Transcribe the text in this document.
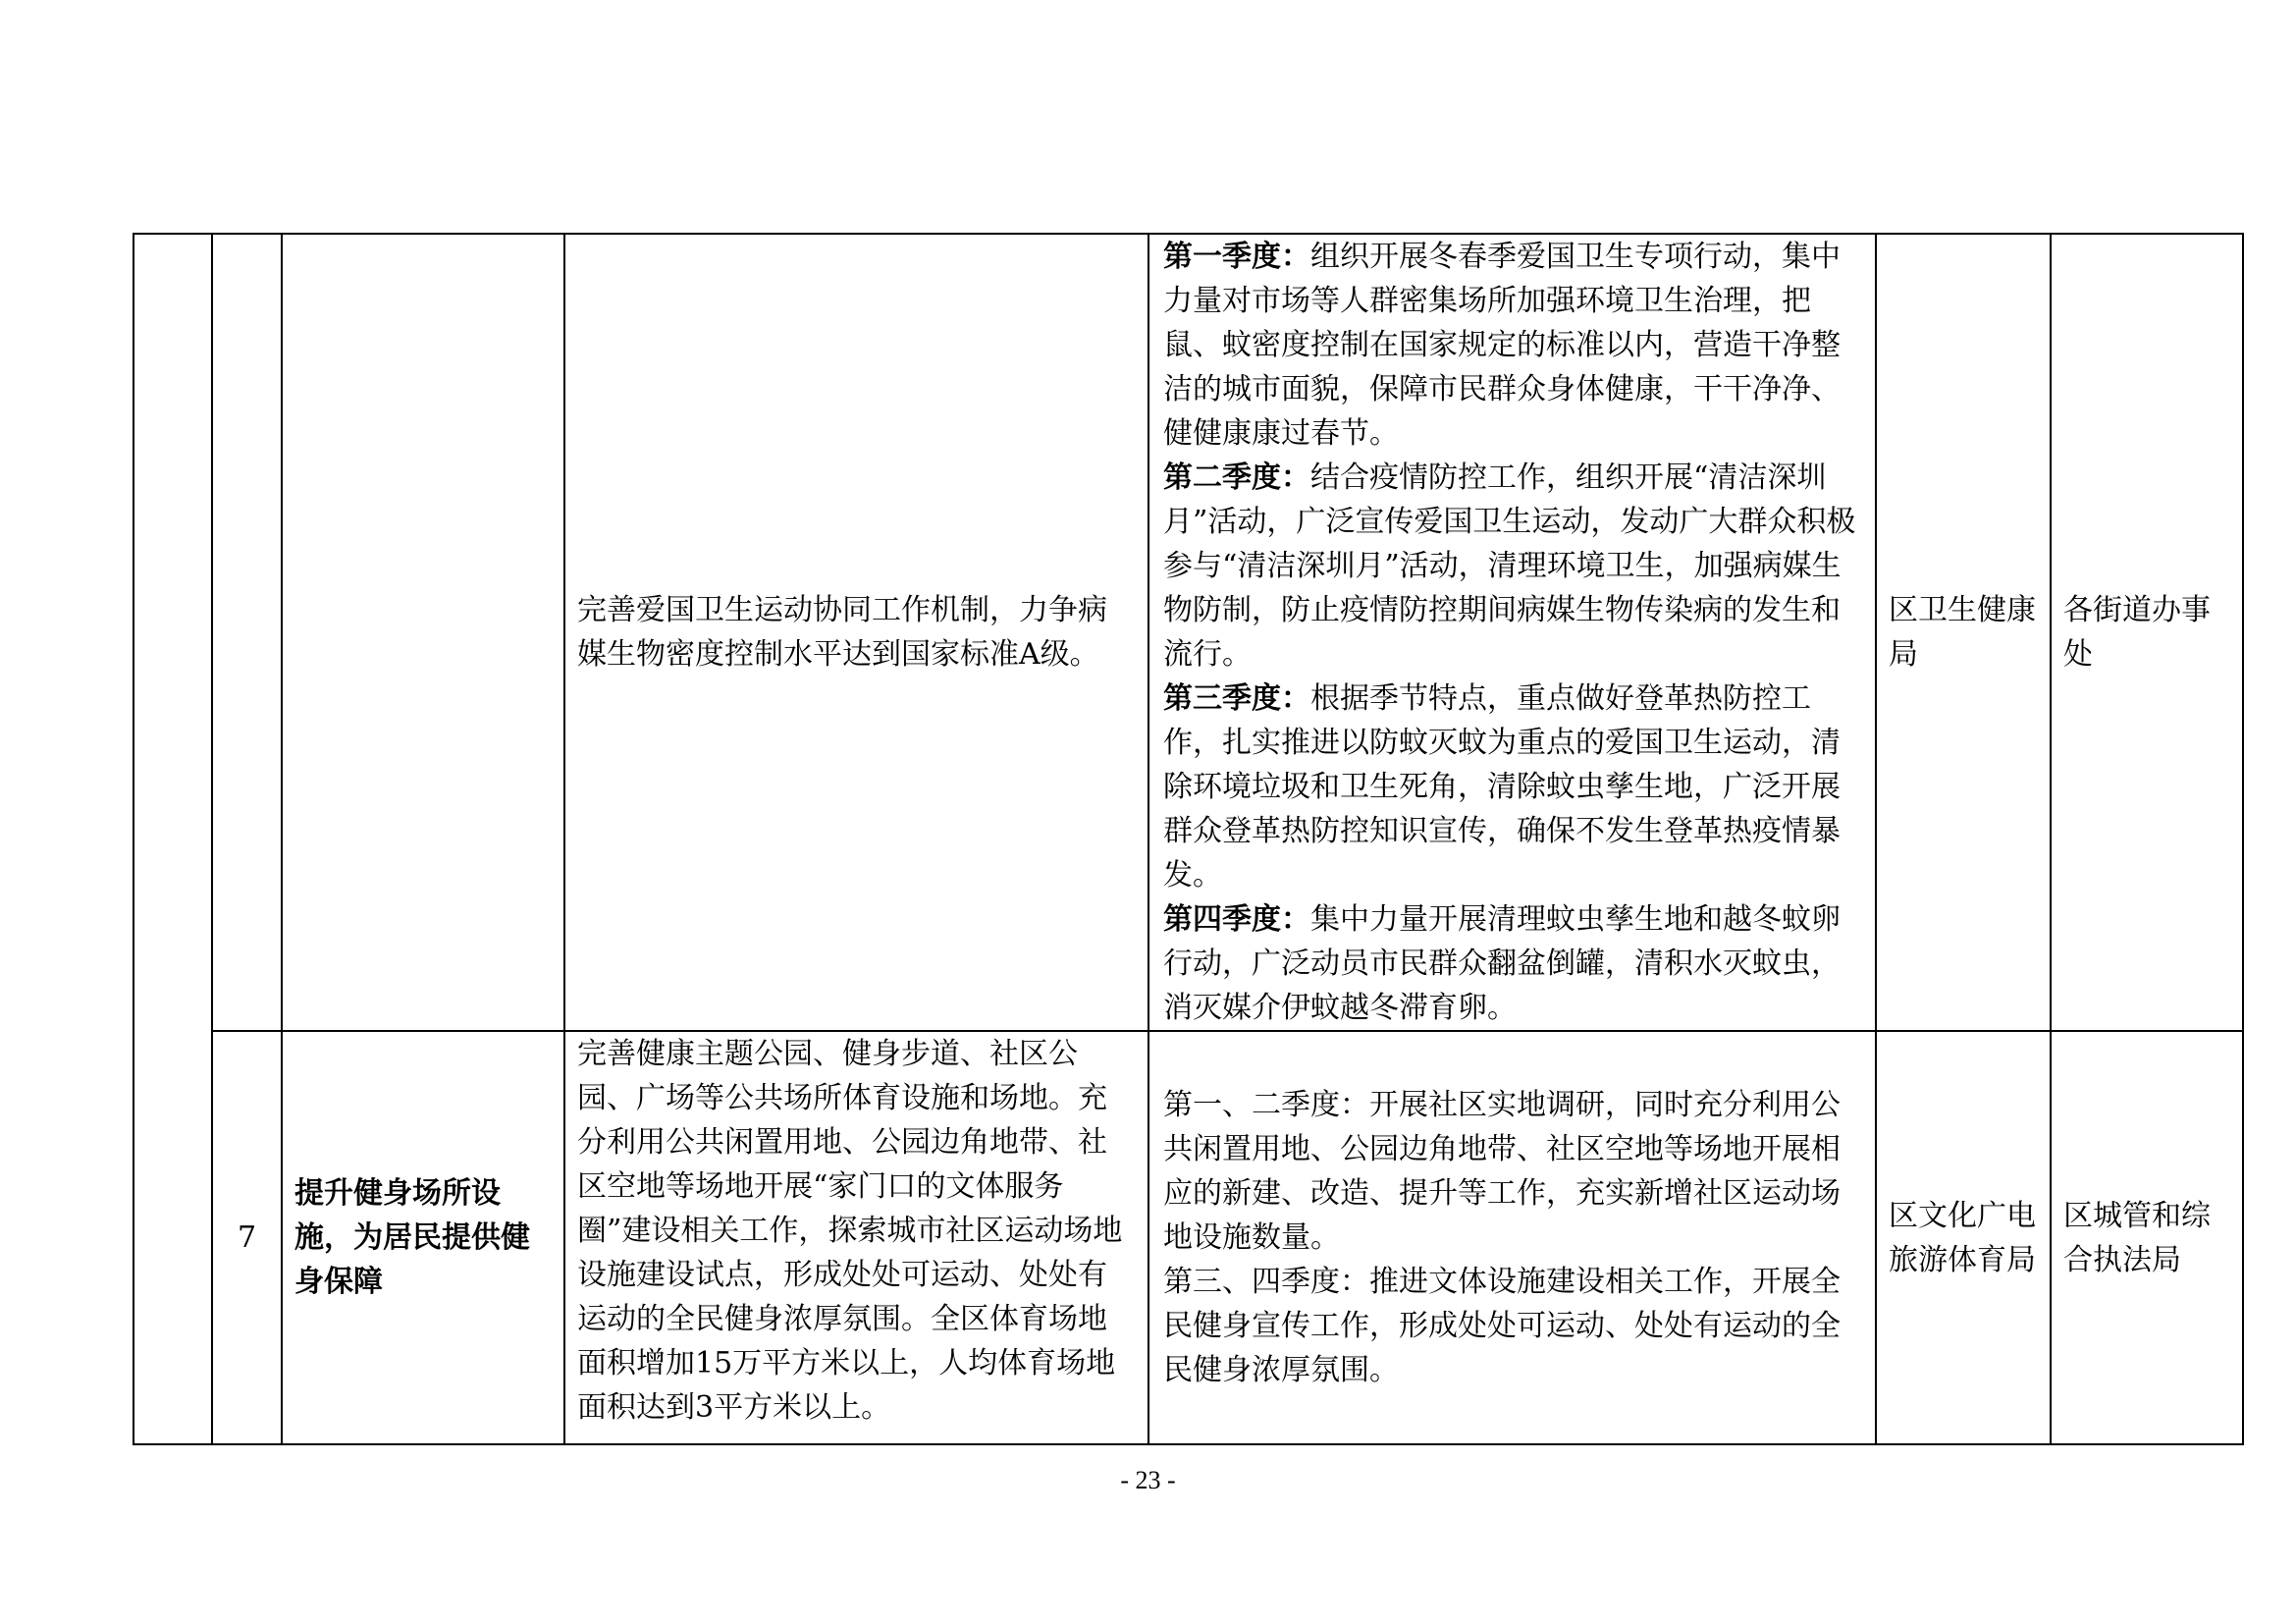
			完善爱国卫生运动协同工作机制，力争病媒生物密度控制水平达到国家标准A级。	第一季度：组织开展冬春季爱国卫生专项行动，集中力量对市场等人群密集场所加强环境卫生治理，把鼠、蚊密度控制在国家规定的标准以内，营造干净整洁的城市面貌，保障市民群众身体健康，干干净净、健健康康过春节。
第二季度：结合疫情防控工作，组织开展“清洁深圳月”活动，广泛宣传爱国卫生运动，发动广大群众积极参与“清洁深圳月”活动，清理环境卫生，加强病媒生物防制，防止疫情防控期间病媒生物传染病的发生和流行。
第三季度：根据季节特点，重点做好登革热防控工作，扎实推进以防蚊灭蚊为重点的爱国卫生运动，清除环境垃圾和卫生死角，清除蚊虫孳生地，广泛开展群众登革热防控知识宣传，确保不发生登革热疫情暴发。
第四季度：集中力量开展清理蚊虫孳生地和越冬蚊卵行动，广泛动员市民群众翻盆倒罐，清积水灭蚊虫，消灭媒介伊蚊越冬滞育卵。	区卫生健康局	各街道办事处
	7	提升健身场所设施，为居民提供健身保障	完善健康主题公园、健身步道、社区公园、广场等公共场所体育设施和场地。充分利用公共闲置用地、公园边角地带、社区空地等场地开展“家门口的文体服务圈”建设相关工作，探索城市社区运动场地设施建设试点，形成处处可运动、处处有运动的全民健身浓厚氛围。全区体育场地面积增加15万平方米以上，人均体育场地面积达到3平方米以上。	第一、二季度：开展社区实地调研，同时充分利用公共闲置用地、公园边角地带、社区空地等场地开展相应的新建、改造、提升等工作，充实新增社区运动场地设施数量。
第三、四季度：推进文体设施建设相关工作，开展全民健身宣传工作，形成处处可运动、处处有运动的全民健身浓厚氛围。	区文化广电旅游体育局	区城管和综合执法局
- 23 -
